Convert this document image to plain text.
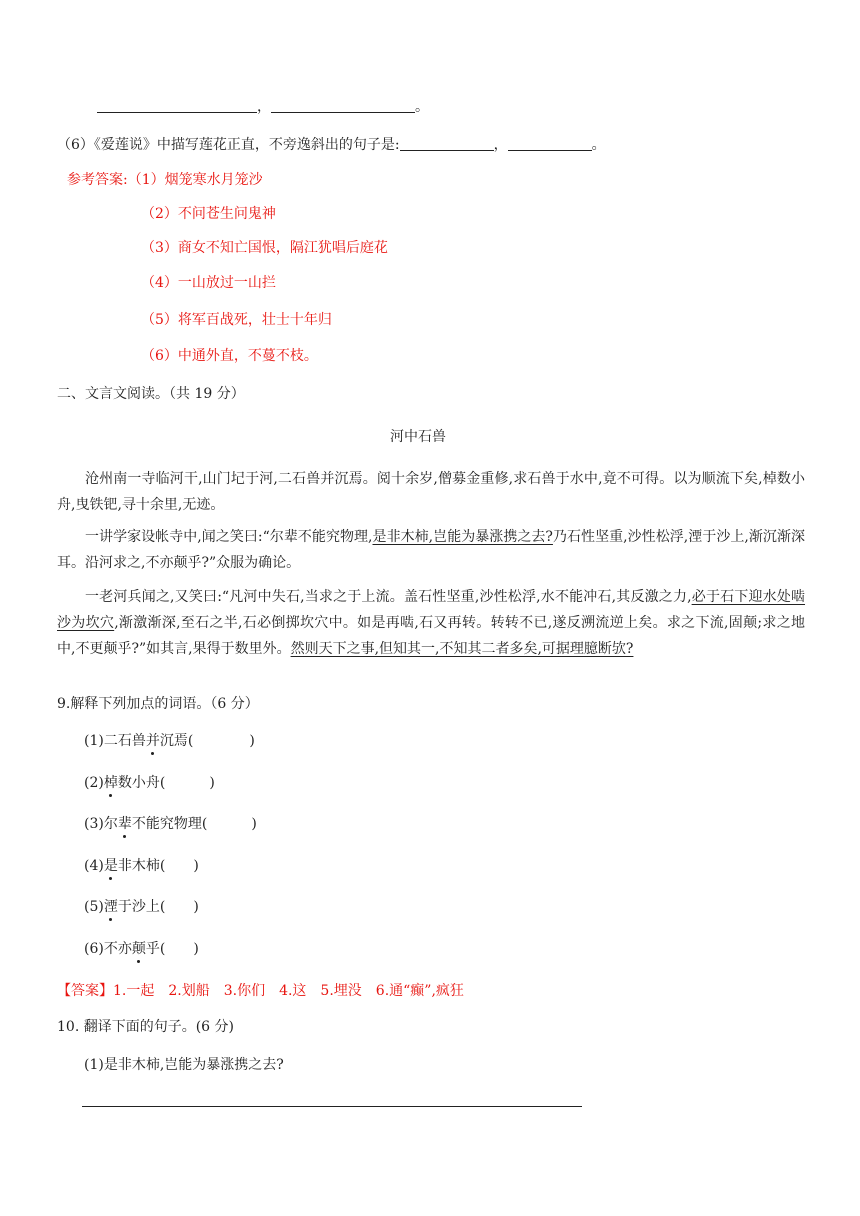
，	。
（6）《爱莲说》中描写莲花正直，不旁逸斜出的句子是:	，	。
参考答案:（1）烟笼寒水月笼沙
（2）不问苍生问鬼神
（3）商女不知亡国恨，隔江犹唱后庭花
（4）一山放过一山拦
（5）将军百战死，壮士十年归
（6）中通外直，不蔓不枝。
二、文言文阅读。（共 19 分）
河中石兽
沧州南一寺临河干,山门圮于河,二石兽并沉焉。阅十余岁,僧募金重修,求石兽于水中,竟不可得。以为顺流下矣,棹数小舟,曳铁钯,寻十余里,无迹。
一讲学家设帐寺中,闻之笑曰:“尔辈不能究物理,是非木柿,岂能为暴涨携之去?乃石性坚重,沙性松浮,湮于沙上,渐沉渐深耳。沿河求之,不亦颠乎?”众服为确论。
一老河兵闻之,又笑曰:“凡河中失石,当求之于上流。盖石性坚重,沙性松浮,水不能冲石,其反激之力,必于石下迎水处啮沙为坎穴,渐激渐深,至石之半,石必倒掷坎穴中。如是再啮,石又再转。转转不已,遂反溯流逆上矣。求之下流,固颠;求之地中,不更颠乎?”如其言,果得于数里外。然则天下之事,但知其一,不知其二者多矣,可据理臆断欤?
9.解释下列加点的词语。（6 分）
(1)二石兽并沉焉(	)
(2)棹数小舟(	)
(3)尔辈不能究物理(	)
(4)是非木柿( )
(5)湮于沙上( )
(6)不亦颠乎( )
【答案】1.一起　2.划船　3.你们　4.这　5.埋没　6.通“癫”,疯狂
10. 翻译下面的句子。(6 分)
(1)是非木柿,岂能为暴涨携之去?
